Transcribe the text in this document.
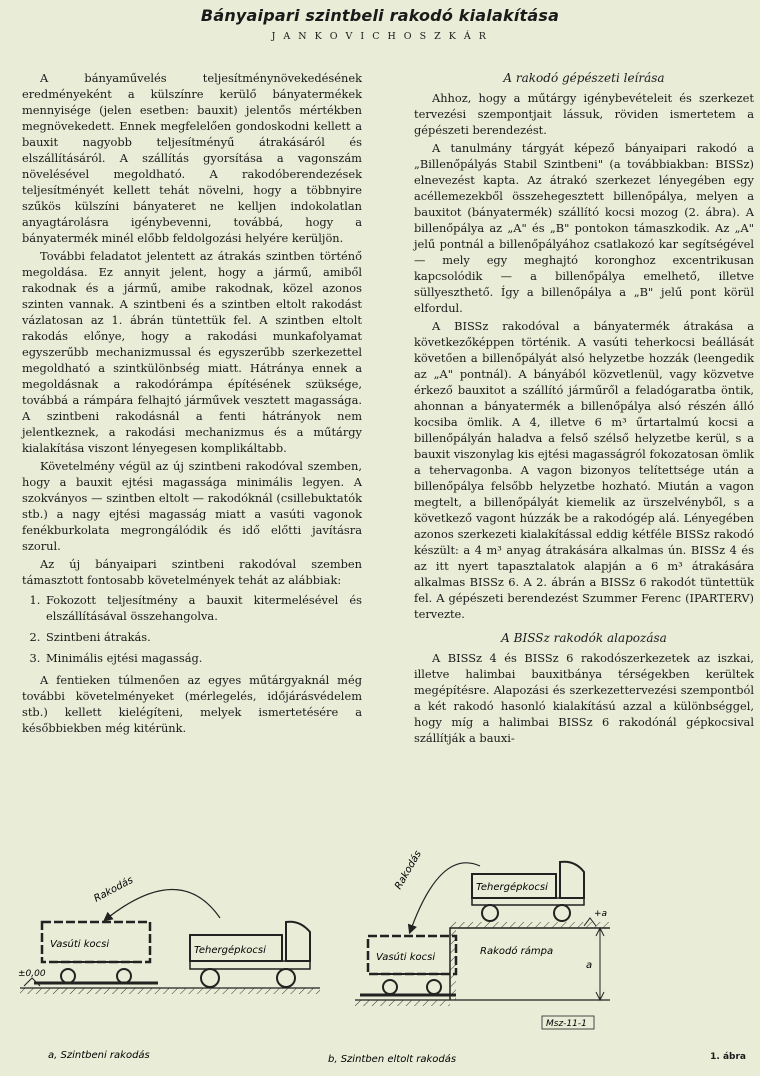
Bányaipari szintbeli rakodó kialakítása
J A N K O V I C H O S Z K Á R

A bányaművelés teljesítménynövekedésének eredményeként a külszínre kerülő bányatermékek mennyisége (jelen esetben: bauxit) jelentős mértékben megnövekedett. Ennek megfelelően gondoskodni kellett a bauxit nagyobb teljesítményű átrakásáról és elszállításáról. A szállítás gyorsítása a vagonszám növelésével megoldható. A rakodóberendezések teljesítményét kellett tehát növelni, hogy a többnyire szűkös külszíni bányateret ne kelljen indokolatlan anyagtárolásra igénybevenni, továbbá, hogy a bányatermék minél előbb feldolgozási helyére kerüljön.

További feladatot jelentett az átrakás szintben történő megoldása. Ez annyit jelent, hogy a jármű, amiből rakodnak és a jármű, amibe rakodnak, közel azonos szinten vannak. A szintbeni és a szintben eltolt rakodást vázlatosan az 1. ábrán tüntettük fel. A szintben eltolt rakodás előnye, hogy a rakodási munkafolyamat egyszerűbb mechanizmussal és egyszerűbb szerkezettel megoldható a szintkülönbség miatt. Hátránya ennek a megoldásnak a rakodórámpa építésének szüksége, továbbá a rámpára felhajtó járművek vesztett magassága. A szintbeni rakodásnál a fenti hátrányok nem jelentkeznek, a rakodási mechanizmus és a műtárgy kialakítása viszont lényegesen komplikáltabb.

Követelmény végül az új szintbeni rakodóval szemben, hogy a bauxit ejtési magassága minimális legyen. A szokványos — szintben eltolt — rakodóknál (csillebuktatók stb.) a nagy ejtési magasság miatt a vasúti vagonok fenékburkolata megrongálódik és idő előtti javításra szorul.

Az új bányaipari szintbeni rakodóval szemben támasztott fontosabb követelmények tehát az alábbiak:

1. Fokozott teljesítmény a bauxit kitermelésével és elszállításával összehangolva.
2. Szintbeni átrakás.
3. Minimális ejtési magasság.

A fentieken túlmenően az egyes műtárgyaknál még további követelményeket (mérlegelés, időjárásvédelem stb.) kellett kielégíteni, melyek ismertetésére a későbbiekben még kitérünk.

A rakodó gépészeti leírása

Ahhoz, hogy a műtárgy igénybevételeit és szerkezet tervezési szempontjait lássuk, röviden ismertetem a gépészeti berendezést.

A tanulmány tárgyát képező bányaipari rakodó a „Billenőpályás Stabil Szintbeni" (a továbbiakban: BISSz) elnevezést kapta. Az átrakó szerkezet lényegében egy acéllemezekből összehegesztett billenőpálya, melyen a bauxitot (bányatermék) szállító kocsi mozog (2. ábra). A billenőpálya az „A" és „B" pontokon támaszkodik. Az „A" jelű pontnál a billenőpályához csatlakozó kar segítségével — mely egy meghajtó koronghoz excentrikusan kapcsolódik — a billenőpálya emelhető, illetve süllyeszthető. Így a billenőpálya a „B" jelű pont körül elfordul.

A BISSz rakodóval a bányatermék átrakása a következőképpen történik. A vasúti teherkocsi beállását követően a billenőpályát alsó helyzetbe hozzák (leengedik az „A" pontnál). A bányából közvetlenül, vagy közvetve érkező bauxitot a szállító járműről a feladógaratba öntik, ahonnan a bányatermék a billenőpálya alsó részén álló kocsiba ömlik. A 4, illetve 6 m³ űrtartalmú kocsi a billenőpályán haladva a felső szélső helyzetbe kerül, s a bauxit viszonylag kis ejtési magasságról fokozatosan ömlik a tehervagonba. A vagon bizonyos telítettsége után a billenőpálya felsőbb helyzetbe hozható. Miután a vagon megtelt, a billenőpályát kiemelik az ürszelvényből, s a következő vagont húzzák be a rakodógép alá. Lényegében azonos szerkezeti kialakítással eddig kétféle BISSz rakodó készült: a 4 m³ anyag átrakására alkalmas ún. BISSz 4 és az itt nyert tapasztalatok alapján a 6 m³ átrakására alkalmas BISSz 6. A 2. ábrán a BISSz 6 rakodót tüntettük fel. A gépészeti berendezést Szummer Ferenc (IPARTERV) tervezte.

A BISSz rakodók alapozása

A BISSz 4 és BISSz 6 rakodószerkezetek az iszkai, illetve halimbai bauxitbánya térségekben kerültek megépítésre. Alapozási és szerkezettervezési szempontból a két rakodó hasonló kialakítású azzal a különbséggel, hogy míg a halimbai BISSz 6 rakodónál gépkocsival szállítják a bauxi-

±0,00
Rakodás
Vasúti kocsi
Tehergépkocsi
a, Szintbeni rakodás
+a
a
Rakodás
Vasúti kocsi
Tehergépkocsi
Rakodó rámpa
Msz-11-1
b, Szintben eltolt rakodás	1. ábra
